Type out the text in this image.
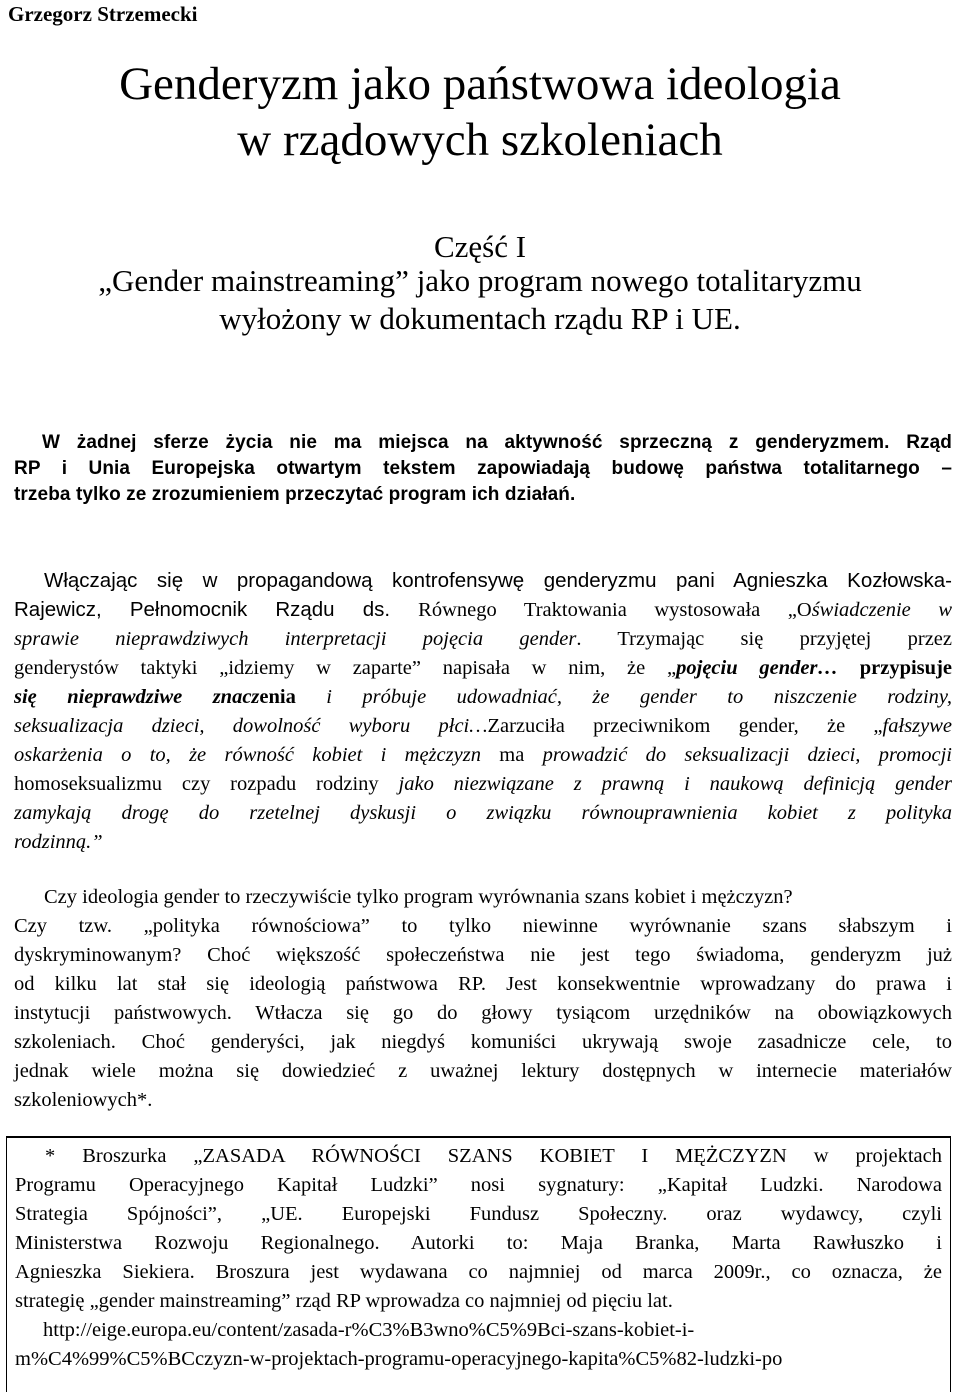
Grzegorz Strzemecki
Genderyzm jako państwowa ideologia
w rządowych szkoleniach
Część I
„Gender mainstreaming” jako program nowego totalitaryzmu
wyłożony w dokumentach rządu RP i UE.
W żadnej sferze życia nie ma miejsca na aktywność sprzeczną z genderyzmem. Rząd
RP i Unia Europejska otwartym tekstem zapowiadają budowę państwa totalitarnego –
trzeba tylko ze zrozumieniem przeczytać program ich działań.
Włączając się w propagandową kontrofensywę genderyzmu pani Agnieszka Kozłowska-
Rajewicz, Pełnomocnik Rządu ds. Równego Traktowania wystosowała „Oświadczenie w
sprawie nieprawdziwych interpretacji pojęcia gender. Trzymając się przyjętej przez
genderystów taktyki „idziemy w zaparte” napisała w nim, że „pojęciu gender… przypisuje
się nieprawdziwe znaczenia i próbuje udowadniać, że gender to niszczenie rodziny,
seksualizacja dzieci, dowolność wyboru płci…Zarzuciła przeciwnikom gender, że „fałszywe
oskarżenia o to, że równość kobiet i mężczyzn ma prowadzić do seksualizacji dzieci, promocji
homoseksualizmu czy rozpadu rodziny jako niezwiązane z prawną i naukową definicją gender
zamykają drogę do rzetelnej dyskusji o związku równouprawnienia kobiet z polityka
rodzinną.”
Czy ideologia gender to rzeczywiście tylko program wyrównania szans kobiet i mężczyzn?
Czy tzw. „polityka równościowa” to tylko niewinne wyrównanie szans słabszym i
dyskryminowanym? Choć większość społeczeństwa nie jest tego świadoma, genderyzm już
od kilku lat stał się ideologią państwowa RP. Jest konsekwentnie wprowadzany do prawa i
instytucji państwowych. Wtłacza się go do głowy tysiącom urzędników na obowiązkowych
szkoleniach. Choć genderyści, jak niegdyś komuniści ukrywają swoje zasadnicze cele, to
jednak wiele można się dowiedzieć z uważnej lektury dostępnych w internecie materiałów
szkoleniowych*.
* Broszurka „ZASADA RÓWNOŚCI SZANS KOBIET I MĘŻCZYZN w projektach
Programu Operacyjnego Kapitał Ludzki” nosi sygnatury: „Kapitał Ludzki. Narodowa
Strategia Spójności”, „UE. Europejski Fundusz Społeczny. oraz wydawcy, czyli
Ministerstwa Rozwoju Regionalnego. Autorki to: Maja Branka, Marta Rawłuszko i
Agnieszka Siekiera. Broszura jest wydawana co najmniej od marca 2009r., co oznacza, że
strategię „gender mainstreaming” rząd RP wprowadza co najmniej od pięciu lat.
http://eige.europa.eu/content/zasada-r%C3%B3wno%C5%9Bci-szans-kobiet-i-
m%C4%99%C5%BCczyzn-w-projektach-programu-operacyjnego-kapita%C5%82-ludzki-po
